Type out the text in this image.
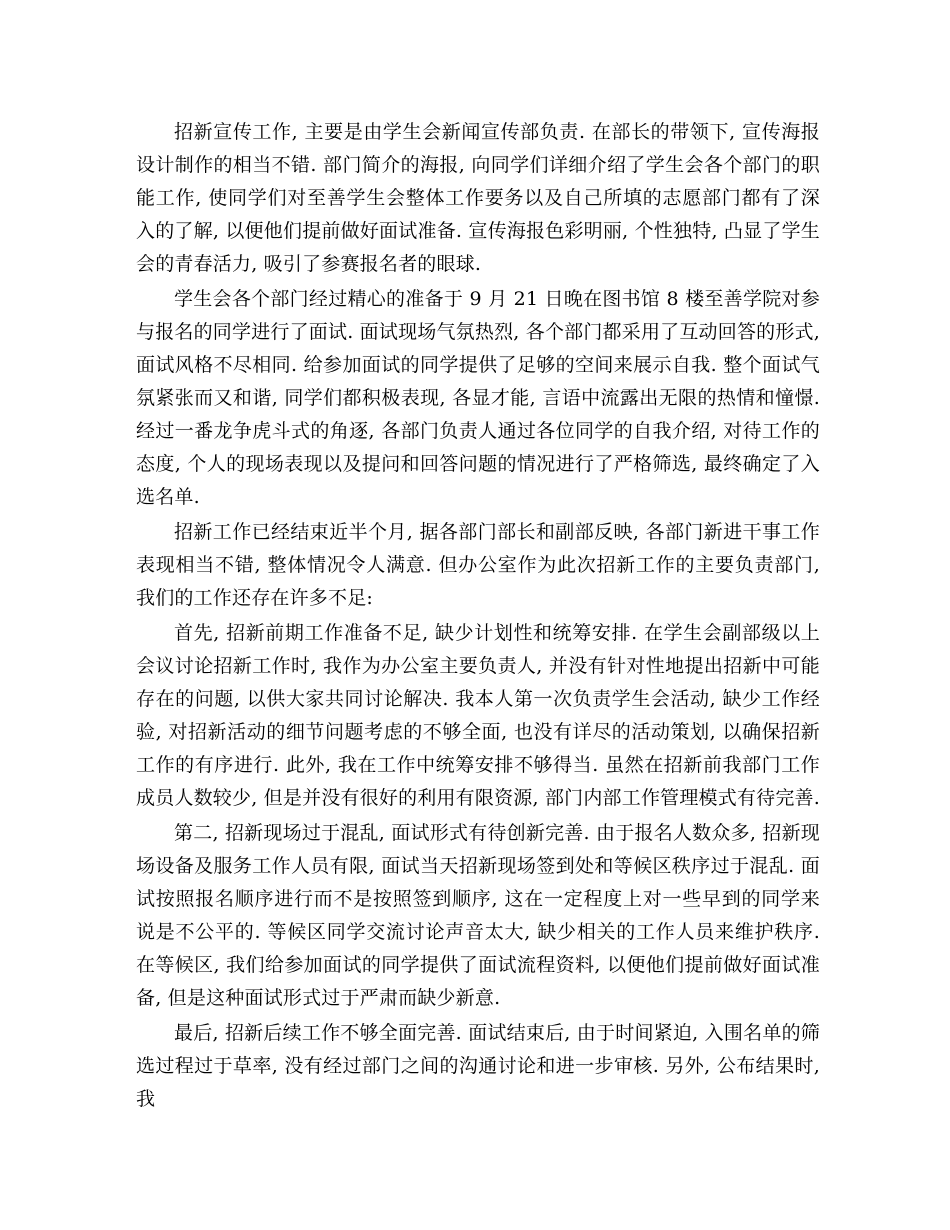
招新宣传工作, 主要是由学生会新闻宣传部负责. 在部长的带领下, 宣传海报设计制作的相当不错. 部门简介的海报, 向同学们详细介绍了学生会各个部门的职能工作, 使同学们对至善学生会整体工作要务以及自己所填的志愿部门都有了深入的了解, 以便他们提前做好面试准备. 宣传海报色彩明丽, 个性独特, 凸显了学生会的青春活力, 吸引了参赛报名者的眼球.

学生会各个部门经过精心的准备于 9 月 21 日晚在图书馆 8 楼至善学院对参与报名的同学进行了面试. 面试现场气氛热烈, 各个部门都采用了互动回答的形式, 面试风格不尽相同. 给参加面试的同学提供了足够的空间来展示自我. 整个面试气氛紧张而又和谐, 同学们都积极表现, 各显才能, 言语中流露出无限的热情和憧憬. 经过一番龙争虎斗式的角逐, 各部门负责人通过各位同学的自我介绍, 对待工作的态度, 个人的现场表现以及提问和回答问题的情况进行了严格筛选, 最终确定了入选名单.

招新工作已经结束近半个月, 据各部门部长和副部反映, 各部门新进干事工作表现相当不错, 整体情况令人满意. 但办公室作为此次招新工作的主要负责部门, 我们的工作还存在许多不足:

首先, 招新前期工作准备不足, 缺少计划性和统筹安排. 在学生会副部级以上会议讨论招新工作时, 我作为办公室主要负责人, 并没有针对性地提出招新中可能存在的问题, 以供大家共同讨论解决. 我本人第一次负责学生会活动, 缺少工作经验, 对招新活动的细节问题考虑的不够全面, 也没有详尽的活动策划, 以确保招新工作的有序进行. 此外, 我在工作中统筹安排不够得当. 虽然在招新前我部门工作成员人数较少, 但是并没有很好的利用有限资源, 部门内部工作管理模式有待完善.

第二, 招新现场过于混乱, 面试形式有待创新完善. 由于报名人数众多, 招新现场设备及服务工作人员有限, 面试当天招新现场签到处和等候区秩序过于混乱. 面试按照报名顺序进行而不是按照签到顺序, 这在一定程度上对一些早到的同学来说是不公平的. 等候区同学交流讨论声音太大, 缺少相关的工作人员来维护秩序. 在等候区, 我们给参加面试的同学提供了面试流程资料, 以便他们提前做好面试准备, 但是这种面试形式过于严肃而缺少新意.

最后, 招新后续工作不够全面完善. 面试结束后, 由于时间紧迫, 入围名单的筛选过程过于草率, 没有经过部门之间的沟通讨论和进一步审核. 另外, 公布结果时, 我
